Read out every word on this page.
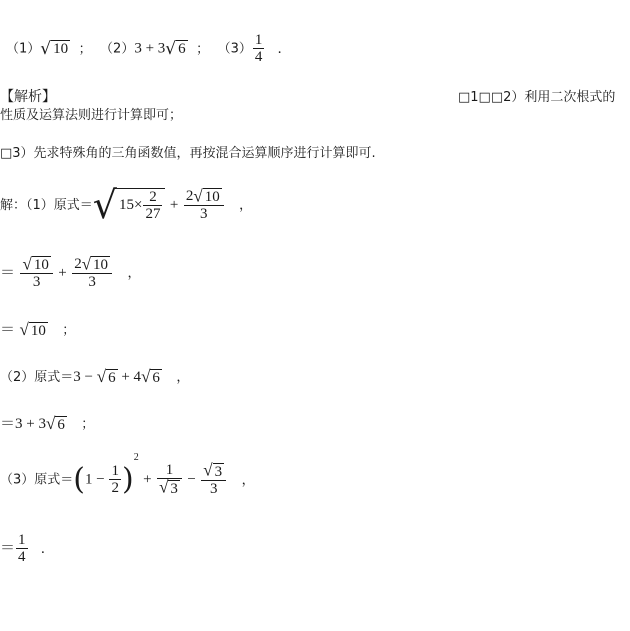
（1）√ 10 ； （2）3 + 3√ 6 ； $(3) \frac{1}{4}$ .
【解析】	□1□□2）利用二次根式的
性质及运算法则进行计算即可；
□3）先求特殊角的三角函数值，再按混合运算顺序进行计算即可.
解：（1）原式＝√ $15\times \frac{2}{27} + \frac{2√ 10}{3}$ ，
＝ $\frac{√ 10}{3} + \frac{2√ 10}{3}$ ，
＝ √ 10 ；
（2）原式＝3 − √ 6 + 4√ 6 ，
＝3 + 3√ 6 ；
（3）原式$=(1 - \frac{1}{2} )^2 + \frac{1}{√ 3} - \frac{√ 3}{3}$ ，
＝ $\frac{1}{4}$ .
